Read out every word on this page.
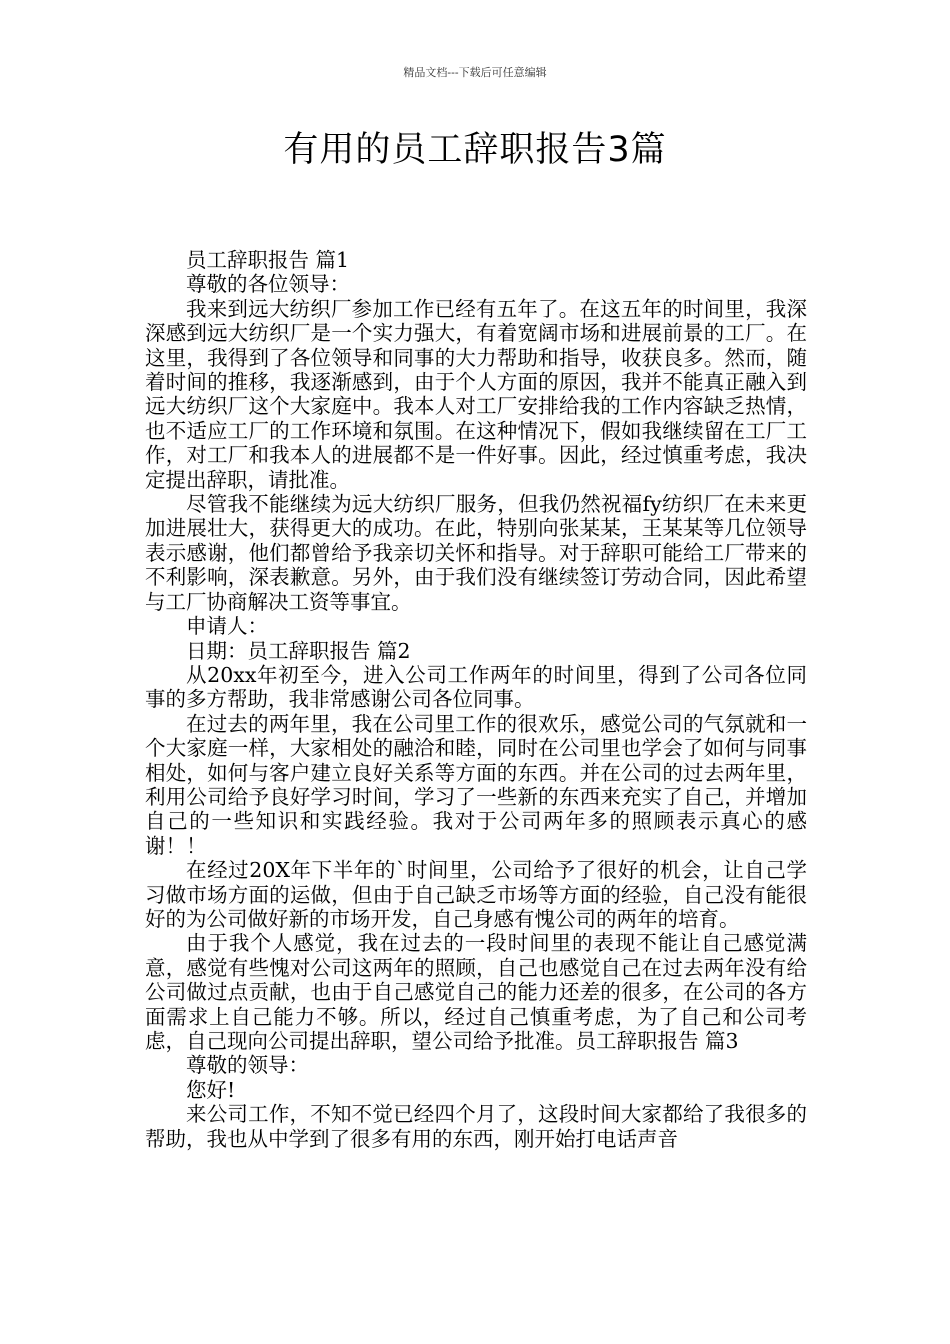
精品文档---下载后可任意编辑
有用的员工辞职报告3篇

员工辞职报告 篇1

尊敬的各位领导：

我来到远大纺织厂参加工作已经有五年了。在这五年的时间里，我深深感到远大纺织厂是一个实力强大，有着宽阔市场和进展前景的工厂。在这里，我得到了各位领导和同事的大力帮助和指导，收获良多。然而，随着时间的推移，我逐渐感到，由于个人方面的原因，我并不能真正融入到远大纺织厂这个大家庭中。我本人对工厂安排给我的工作内容缺乏热情，也不适应工厂的工作环境和氛围。在这种情况下，假如我继续留在工厂工作，对工厂和我本人的进展都不是一件好事。因此，经过慎重考虑，我决定提出辞职，请批准。

尽管我不能继续为远大纺织厂服务，但我仍然祝福fy纺织厂在未来更加进展壮大，获得更大的成功。在此，特别向张某某，王某某等几位领导表示感谢，他们都曾给予我亲切关怀和指导。对于辞职可能给工厂带来的不利影响，深表歉意。另外，由于我们没有继续签订劳动合同，因此希望与工厂协商解决工资等事宜。

申请人：

日期：员工辞职报告 篇2

从20xx年初至今，进入公司工作两年的时间里，得到了公司各位同事的多方帮助，我非常感谢公司各位同事。

在过去的两年里，我在公司里工作的很欢乐，感觉公司的气氛就和一个大家庭一样，大家相处的融洽和睦，同时在公司里也学会了如何与同事相处，如何与客户建立良好关系等方面的东西。并在公司的过去两年里，利用公司给予良好学习时间，学习了一些新的东西来充实了自己，并增加自己的一些知识和实践经验。我对于公司两年多的照顾表示真心的感谢！！

在经过20X年下半年的`时间里，公司给予了很好的机会，让自己学习做市场方面的运做，但由于自己缺乏市场等方面的经验，自己没有能很好的为公司做好新的市场开发，自己身感有愧公司的两年的培育。

由于我个人感觉，我在过去的一段时间里的表现不能让自己感觉满意，感觉有些愧对公司这两年的照顾，自己也感觉自己在过去两年没有给公司做过点贡献，也由于自己感觉自己的能力还差的很多，在公司的各方面需求上自己能力不够。所以，经过自己慎重考虑，为了自己和公司考虑，自己现向公司提出辞职，望公司给予批准。员工辞职报告 篇3

尊敬的领导：

您好!

来公司工作，不知不觉已经四个月了，这段时间大家都给了我很多的帮助，我也从中学到了很多有用的东西，刚开始打电话声音
